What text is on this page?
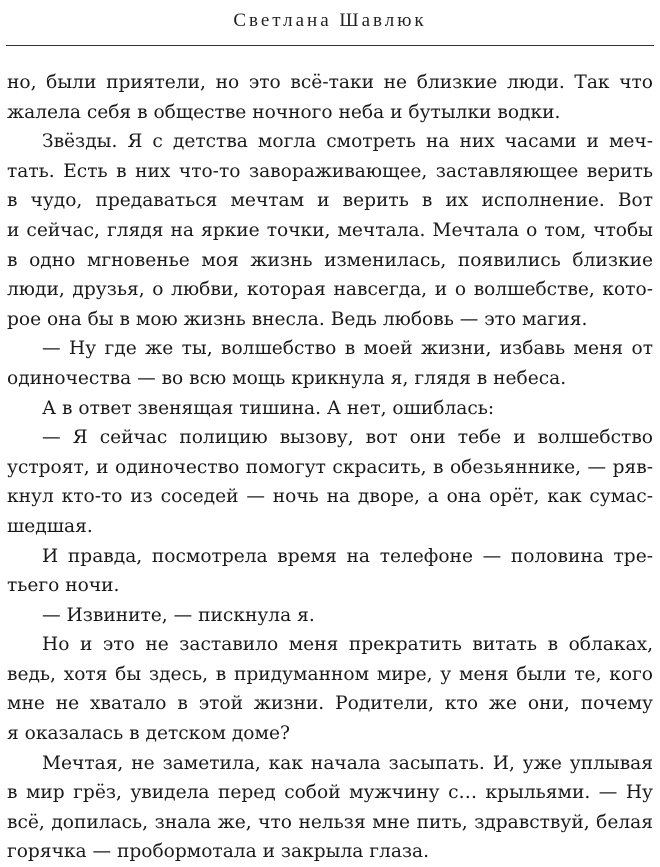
Светлана Шавлюк
но, были приятели, но это всё-таки не близкие люди. Так что
жалела себя в обществе ночного неба и бутылки водки.
Звёзды. Я с детства могла смотреть на них часами и меч-
тать. Есть в них что-то завораживающее, заставляющее верить
в чудо, предаваться мечтам и верить в их исполнение. Вот
и сейчас, глядя на яркие точки, мечтала. Мечтала о том, чтобы
в одно мгновенье моя жизнь изменилась, появились близкие
люди, друзья, о любви, которая навсегда, и о волшебстве, кото-
рое она бы в мою жизнь внесла. Ведь любовь — это магия.
— Ну где же ты, волшебство в моей жизни, избавь меня от
одиночества — во всю мощь крикнула я, глядя в небеса.
А в ответ звенящая тишина. А нет, ошиблась:
— Я сейчас полицию вызову, вот они тебе и волшебство
устроят, и одиночество помогут скрасить, в обезьяннике, — ряв-
кнул кто-то из соседей — ночь на дворе, а она орёт, как сумас-
шедшая.
И правда, посмотрела время на телефоне — половина тре-
тьего ночи.
— Извините, — пискнула я.
Но и это не заставило меня прекратить витать в облаках,
ведь, хотя бы здесь, в придуманном мире, у меня были те, кого
мне не хватало в этой жизни. Родители, кто же они, почему
я оказалась в детском доме?
Мечтая, не заметила, как начала засыпать. И, уже уплывая
в мир грёз, увидела перед собой мужчину с… крыльями. — Ну
всё, допилась, знала же, что нельзя мне пить, здравствуй, белая
горячка — пробормотала и закрыла глаза.
